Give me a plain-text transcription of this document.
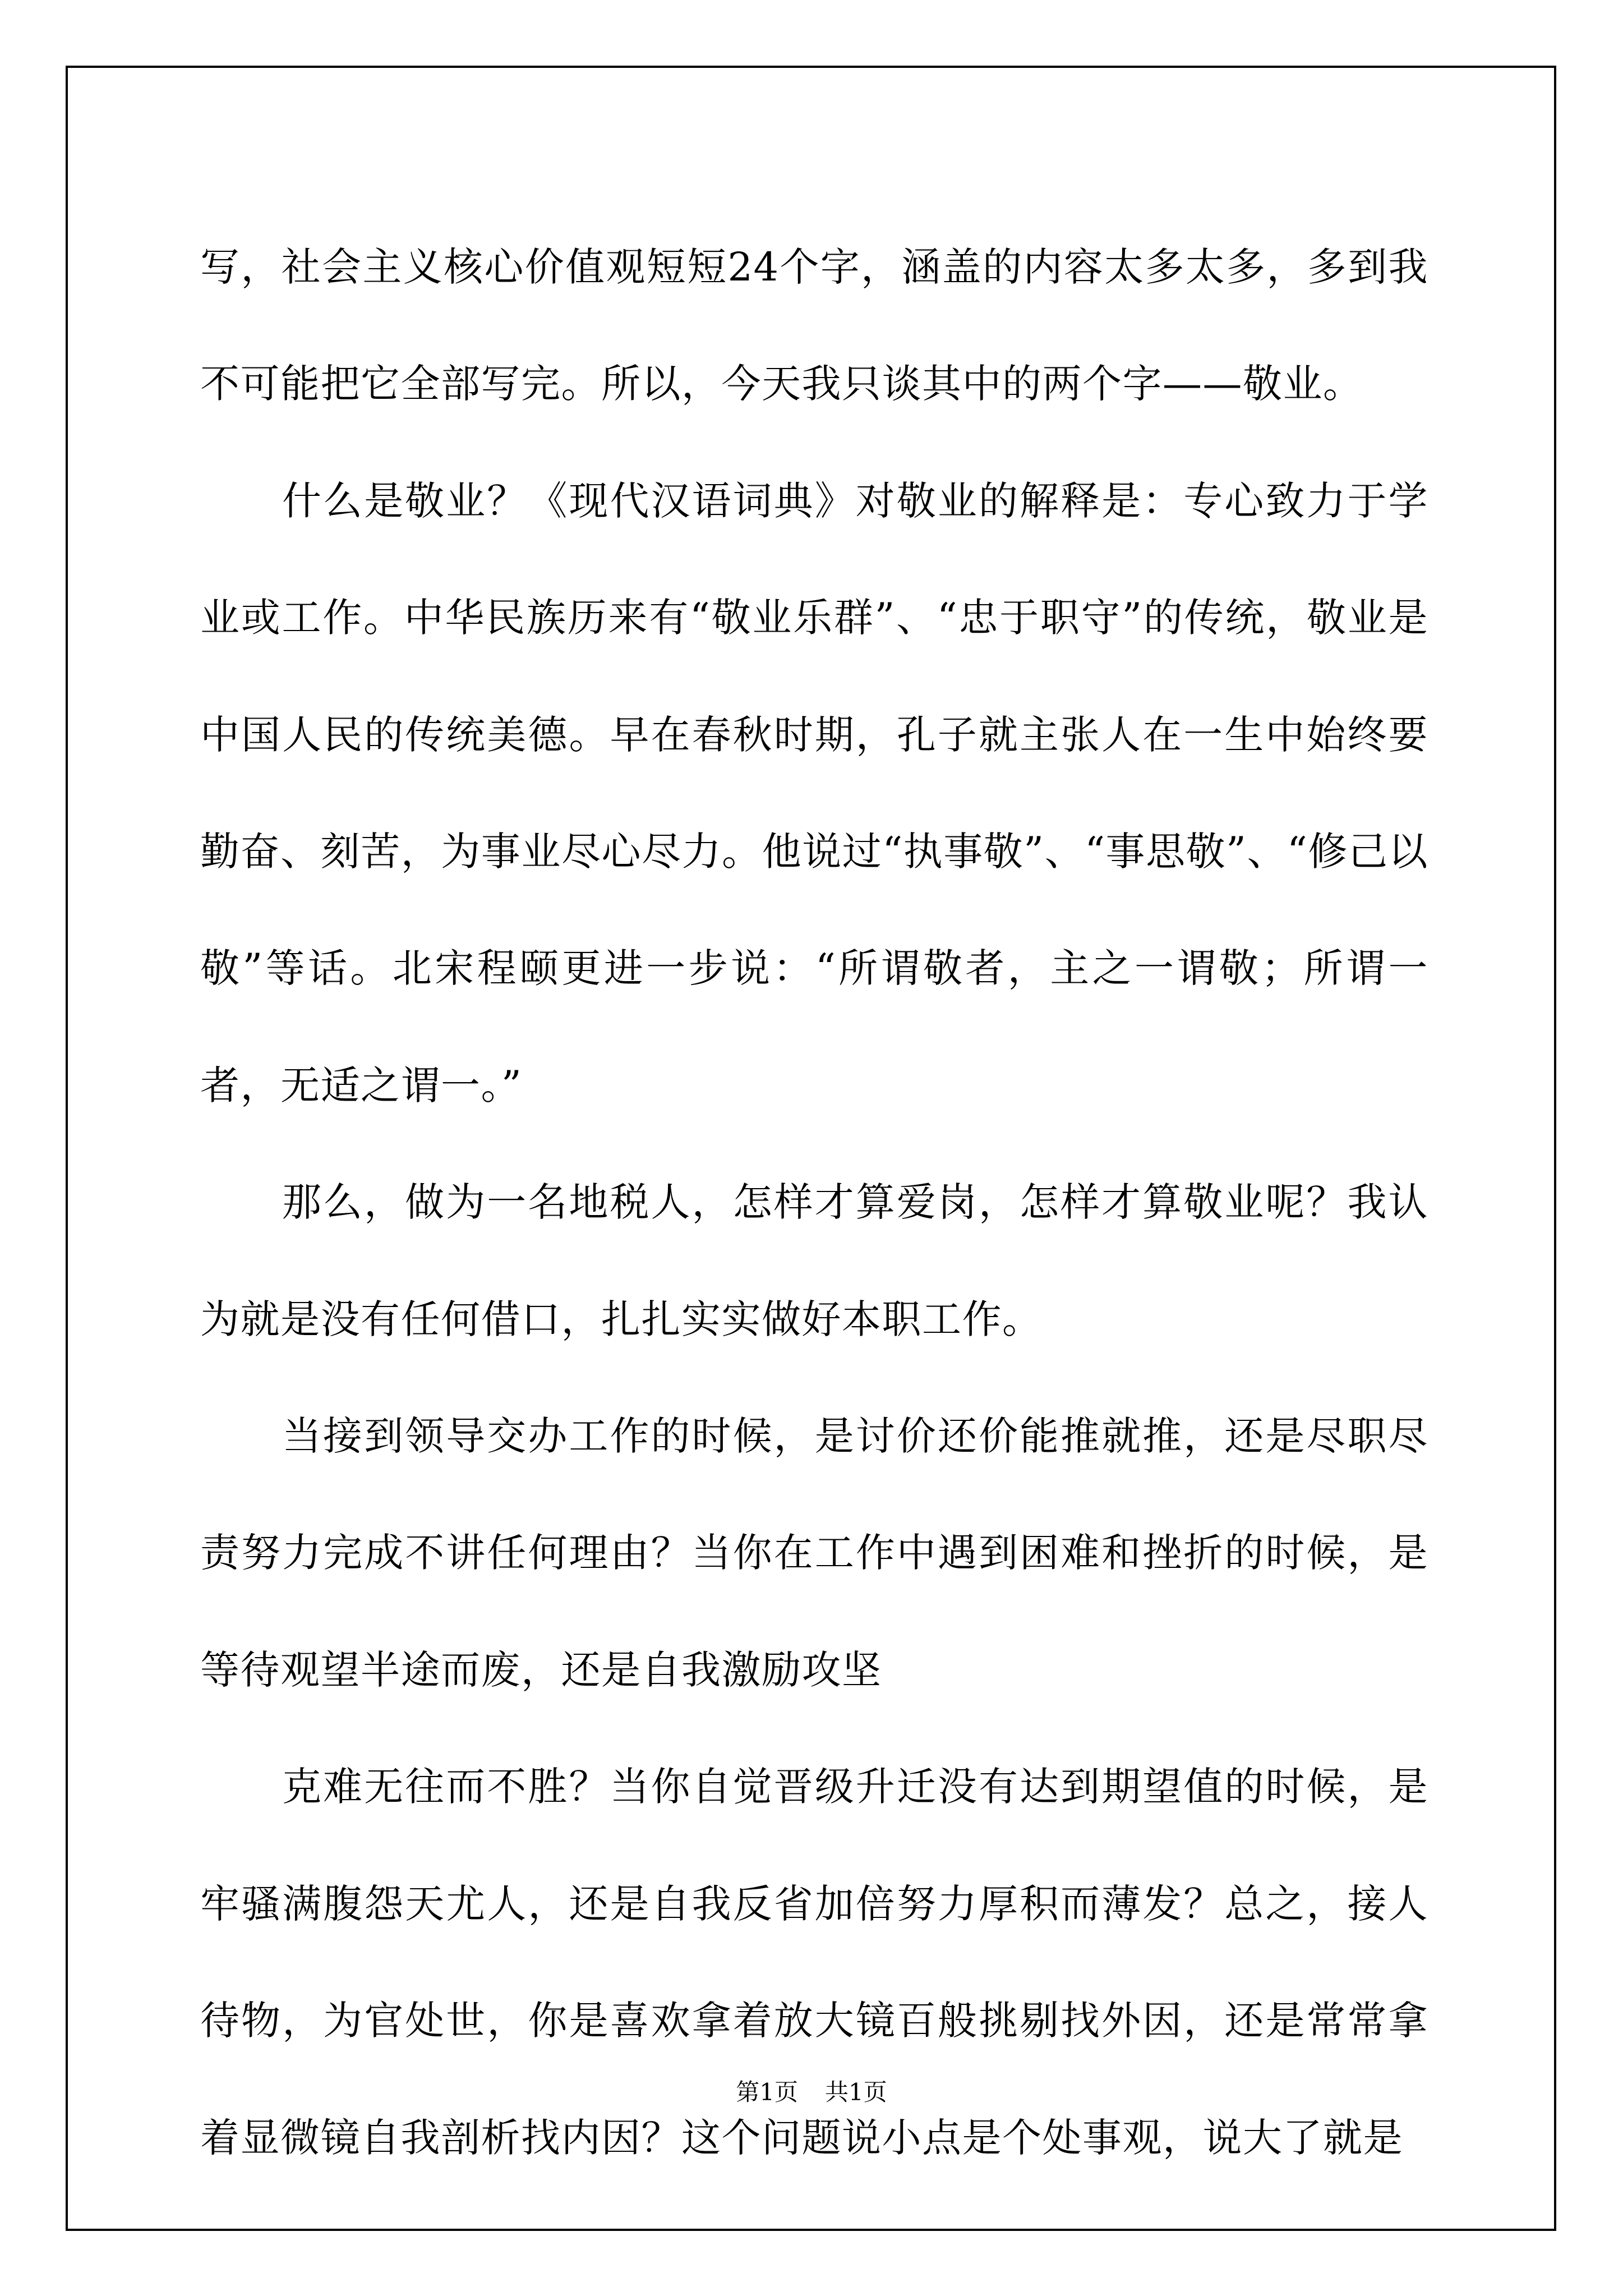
写，社会主义核心价值观短短24个字，涵盖的内容太多太多，多到我不可能把它全部写完。所以，今天我只谈其中的两个字——敬业。

什么是敬业？《现代汉语词典》对敬业的解释是：专心致力于学业或工作。中华民族历来有“敬业乐群”、“忠于职守”的传统，敬业是中国人民的传统美德。早在春秋时期，孔子就主张人在一生中始终要勤奋、刻苦，为事业尽心尽力。他说过“执事敬”、“事思敬”、“修己以敬”等话。北宋程颐更进一步说：“所谓敬者，主之一谓敬；所谓一者，无适之谓一。”

那么，做为一名地税人，怎样才算爱岗，怎样才算敬业呢？我认为就是没有任何借口，扎扎实实做好本职工作。

当接到领导交办工作的时候，是讨价还价能推就推，还是尽职尽责努力完成不讲任何理由？当你在工作中遇到困难和挫折的时候，是等待观望半途而废，还是自我激励攻坚

克难无往而不胜？当你自觉晋级升迁没有达到期望值的时候，是牢骚满腹怨天尤人，还是自我反省加倍努力厚积而薄发？总之，接人待物，为官处世，你是喜欢拿着放大镜百般挑剔找外因，还是常常拿着显微镜自我剖析找内因？这个问题说小点是个处事观，说大了就是

第1页 共1页
